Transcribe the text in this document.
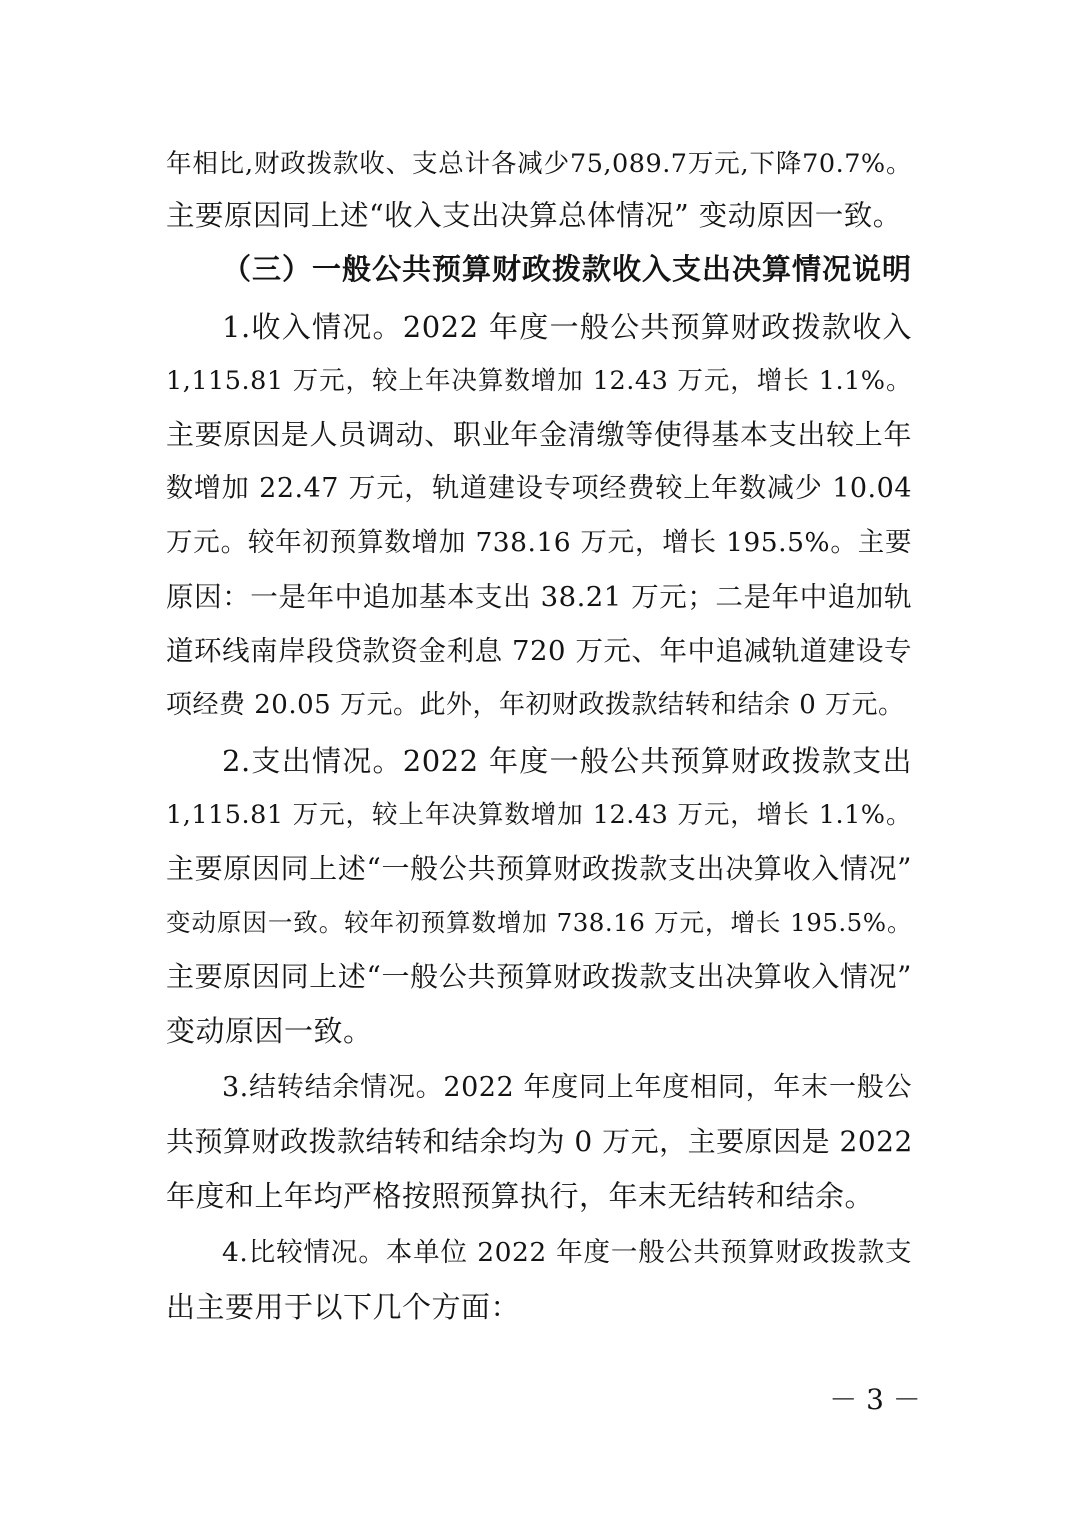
年相比,财政拨款收、支总计各减少75,089.7万元,下降70.7%。
主要原因同上述“收入支出决算总体情况” 变动原因一致。
（三）一般公共预算财政拨款收入支出决算情况说明
1.收入情况。2022 年度一般公共预算财政拨款收入
1,115.81 万元，较上年决算数增加 12.43 万元，增长 1.1%。
主要原因是人员调动、职业年金清缴等使得基本支出较上年
数增加 22.47 万元，轨道建设专项经费较上年数减少 10.04
万元。较年初预算数增加 738.16 万元，增长 195.5%。主要
原因：一是年中追加基本支出 38.21 万元；二是年中追加轨
道环线南岸段贷款资金利息 720 万元、年中追减轨道建设专
项经费 20.05 万元。此外，年初财政拨款结转和结余 0 万元。
2.支出情况。2022 年度一般公共预算财政拨款支出
1,115.81 万元，较上年决算数增加 12.43 万元，增长 1.1%。
主要原因同上述“一般公共预算财政拨款支出决算收入情况”
变动原因一致。较年初预算数增加 738.16 万元，增长 195.5%。
主要原因同上述“一般公共预算财政拨款支出决算收入情况”
变动原因一致。
3.结转结余情况。2022 年度同上年度相同，年末一般公
共预算财政拨款结转和结余均为 0 万元，主要原因是 2022
年度和上年均严格按照预算执行，年末无结转和结余。
4.比较情况。本单位 2022 年度一般公共预算财政拨款支
出主要用于以下几个方面：
－ 3 －
